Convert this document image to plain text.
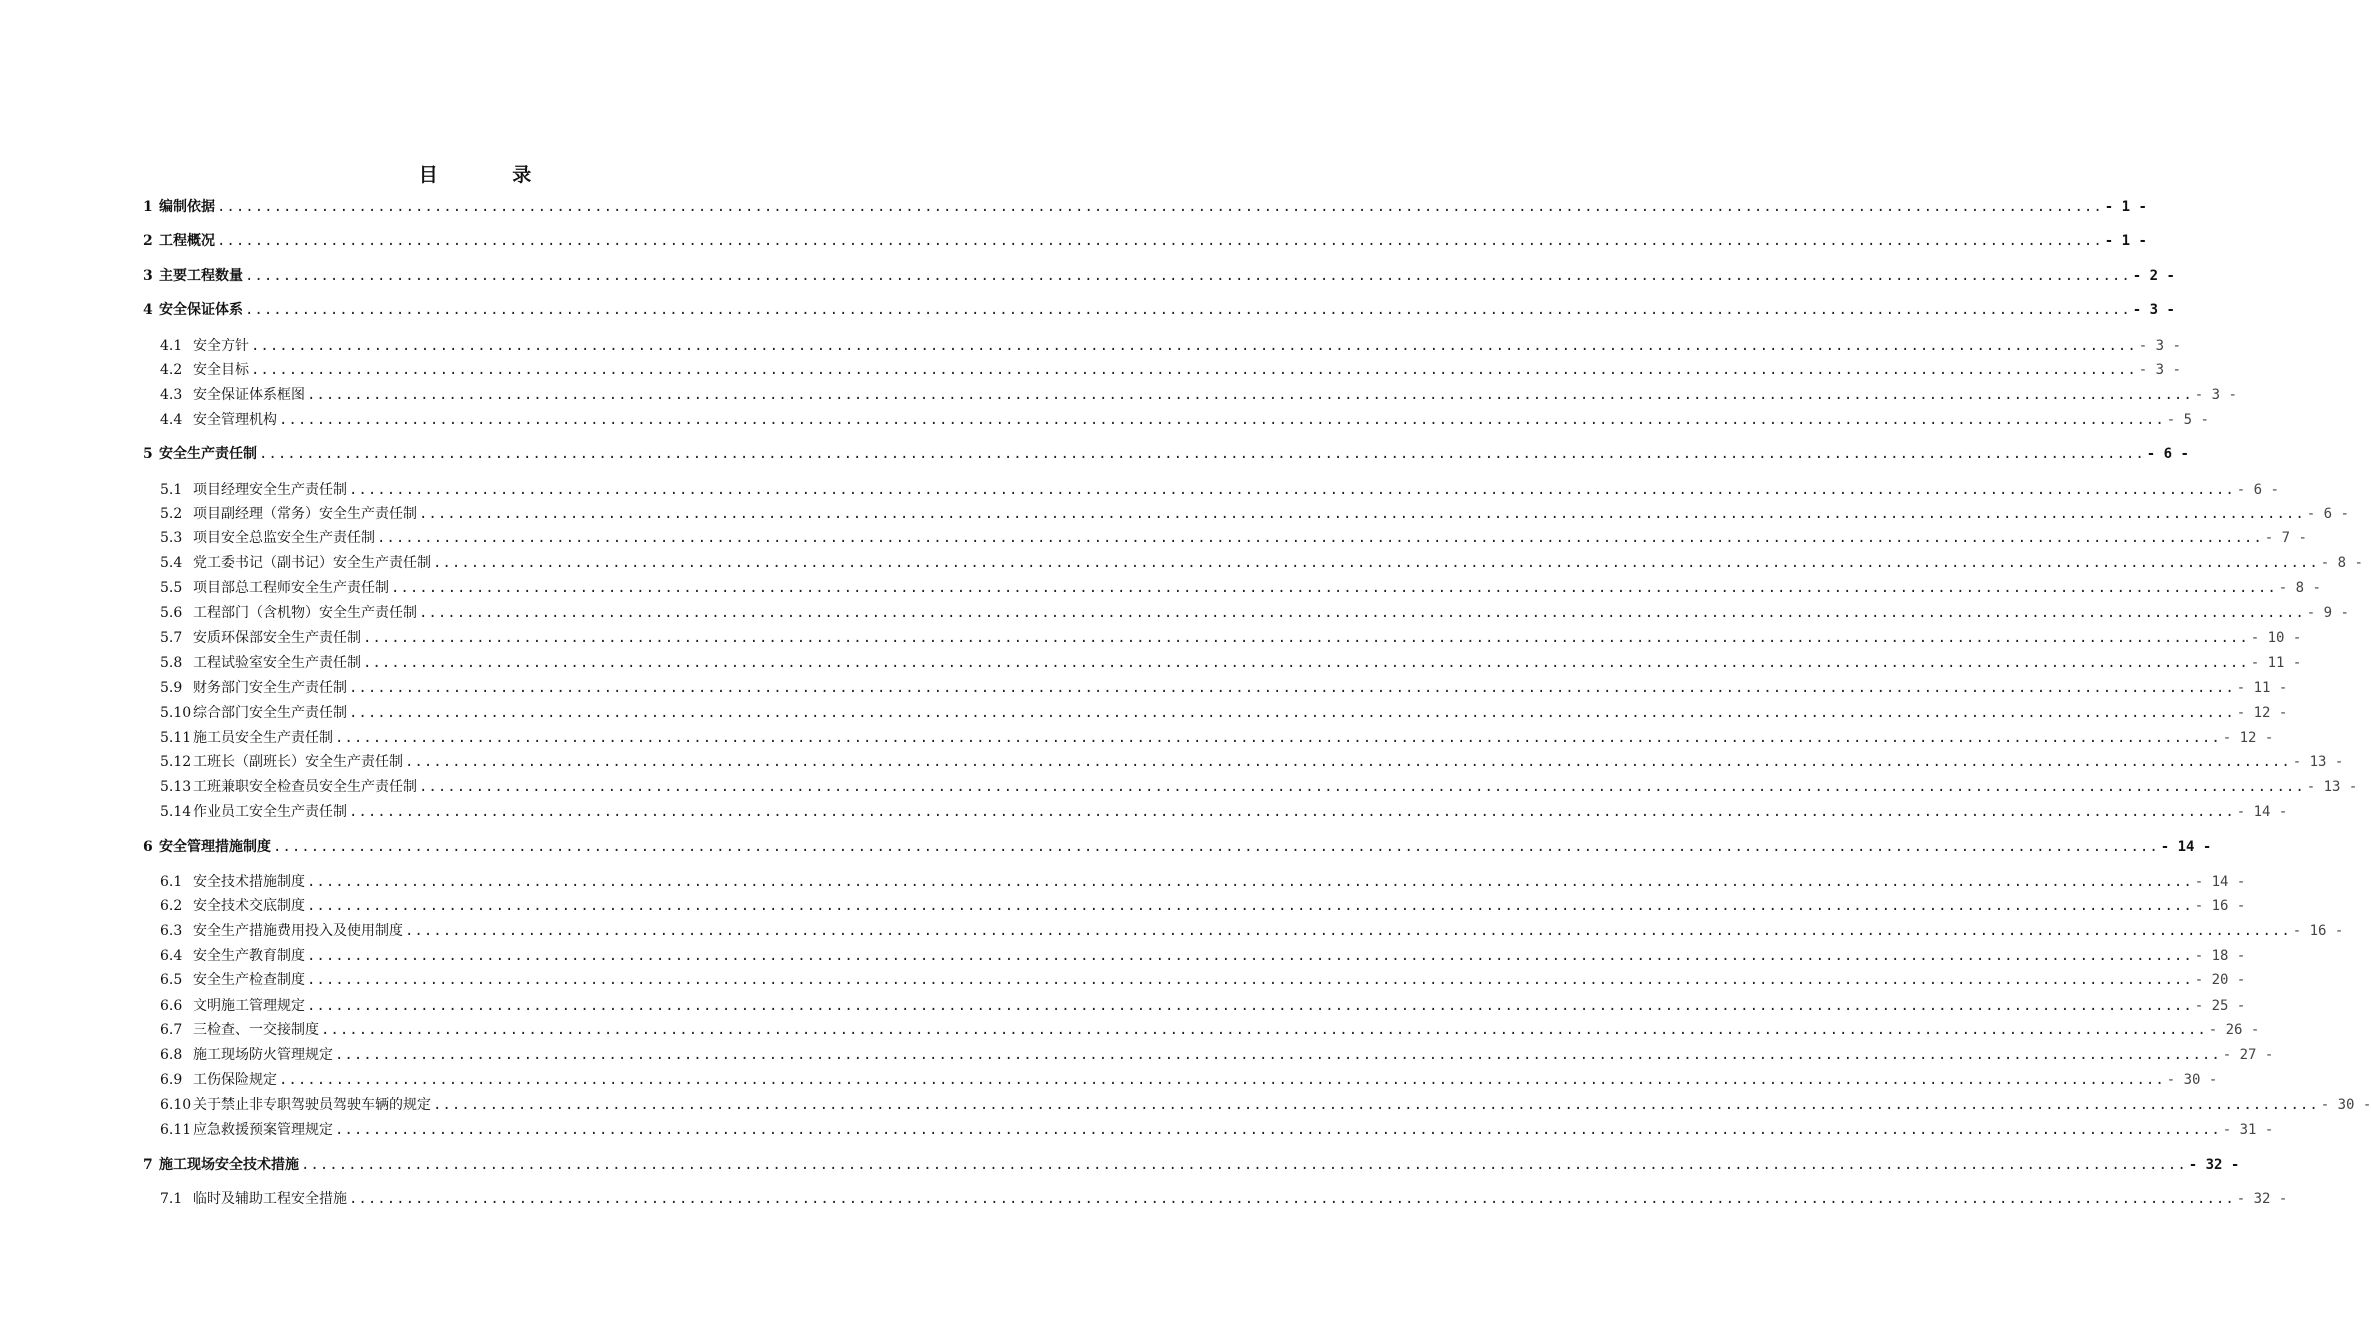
目 录
1 编制依据 ........................................................................................................................................................................................................ - 1 -
2 工程概况 ........................................................................................................................................................................................................ - 1 -
3 主要工程数量 ........................................................................................................................................................................................................ - 2 -
4 安全保证体系 ........................................................................................................................................................................................................ - 3 -
4.1 安全方针 ........................................................................................................................................................................................................ - 3 -
4.2 安全目标 ........................................................................................................................................................................................................ - 3 -
4.3 安全保证体系框图 ........................................................................................................................................................................................................ - 3 -
4.4 安全管理机构 ........................................................................................................................................................................................................ - 5 -
5 安全生产责任制 ........................................................................................................................................................................................................ - 6 -
5.1 项目经理安全生产责任制 ........................................................................................................................................................................................................ - 6 -
5.2 项目副经理（常务）安全生产责任制 ........................................................................................................................................................................................................ - 6 -
5.3 项目安全总监安全生产责任制 ........................................................................................................................................................................................................ - 7 -
5.4 党工委书记（副书记）安全生产责任制 ........................................................................................................................................................................................................ - 8 -
5.5 项目部总工程师安全生产责任制 ........................................................................................................................................................................................................ - 8 -
5.6 工程部门（含机物）安全生产责任制 ........................................................................................................................................................................................................ - 9 -
5.7 安质环保部安全生产责任制 ........................................................................................................................................................................................................ - 10 -
5.8 工程试验室安全生产责任制 ........................................................................................................................................................................................................ - 11 -
5.9 财务部门安全生产责任制 ........................................................................................................................................................................................................ - 11 -
5.10 综合部门安全生产责任制 ........................................................................................................................................................................................................ - 12 -
5.11 施工员安全生产责任制 ........................................................................................................................................................................................................ - 12 -
5.12 工班长（副班长）安全生产责任制 ........................................................................................................................................................................................................ - 13 -
5.13 工班兼职安全检查员安全生产责任制 ........................................................................................................................................................................................................ - 13 -
5.14 作业员工安全生产责任制 ........................................................................................................................................................................................................ - 14 -
6 安全管理措施制度 ........................................................................................................................................................................................................ - 14 -
6.1 安全技术措施制度 ........................................................................................................................................................................................................ - 14 -
6.2 安全技术交底制度 ........................................................................................................................................................................................................ - 16 -
6.3 安全生产措施费用投入及使用制度 ........................................................................................................................................................................................................ - 16 -
6.4 安全生产教育制度 ........................................................................................................................................................................................................ - 18 -
6.5 安全生产检查制度 ........................................................................................................................................................................................................ - 20 -
6.6 文明施工管理规定 ........................................................................................................................................................................................................ - 25 -
6.7 三检查、一交接制度 ........................................................................................................................................................................................................ - 26 -
6.8 施工现场防火管理规定 ........................................................................................................................................................................................................ - 27 -
6.9 工伤保险规定 ........................................................................................................................................................................................................ - 30 -
6.10 关于禁止非专职驾驶员驾驶车辆的规定 ........................................................................................................................................................................................................ - 30 -
6.11 应急救援预案管理规定 ........................................................................................................................................................................................................ - 31 -
7 施工现场安全技术措施 ........................................................................................................................................................................................................ - 32 -
7.1 临时及辅助工程安全措施 ........................................................................................................................................................................................................ - 32 -
